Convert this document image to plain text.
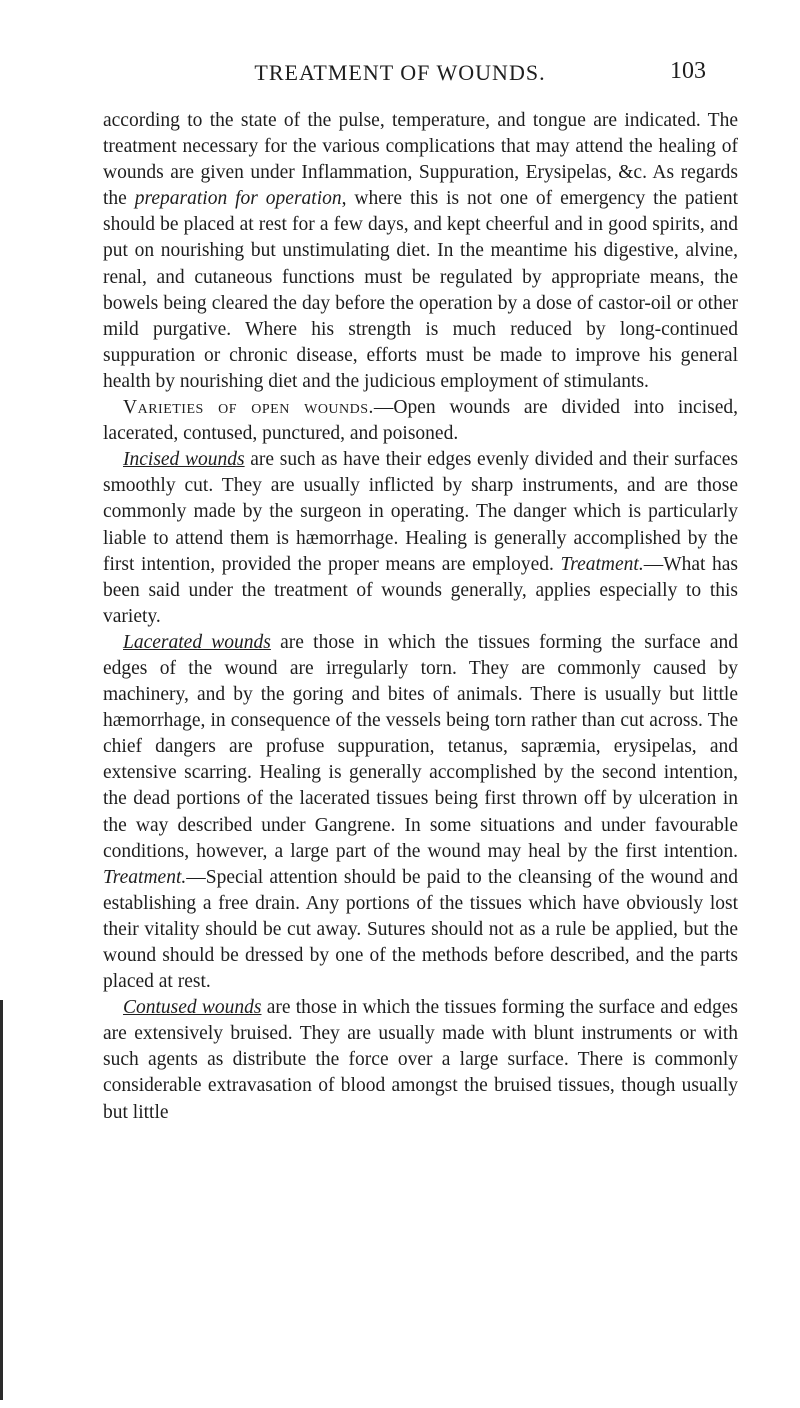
TREATMENT OF WOUNDS.	103

according to the state of the pulse, temperature, and tongue are indicated. The treatment necessary for the various complications that may attend the healing of wounds are given under Inflammation, Suppuration, Erysipelas, &c. As regards the preparation for operation, where this is not one of emergency the patient should be placed at rest for a few days, and kept cheerful and in good spirits, and put on nourishing but unstimulating diet. In the meantime his digestive, alvine, renal, and cutaneous functions must be regulated by appropriate means, the bowels being cleared the day before the operation by a dose of castor-oil or other mild purgative. Where his strength is much reduced by long-continued suppuration or chronic disease, efforts must be made to improve his general health by nourishing diet and the judicious employment of stimulants.

Varieties of open wounds.—Open wounds are divided into incised, lacerated, contused, punctured, and poisoned.

Incised wounds are such as have their edges evenly divided and their surfaces smoothly cut. They are usually inflicted by sharp instruments, and are those commonly made by the surgeon in operating. The danger which is particularly liable to attend them is hæmorrhage. Healing is generally accomplished by the first intention, provided the proper means are employed. Treatment.—What has been said under the treatment of wounds generally, applies especially to this variety.

Lacerated wounds are those in which the tissues forming the surface and edges of the wound are irregularly torn. They are commonly caused by machinery, and by the goring and bites of animals. There is usually but little hæmorrhage, in consequence of the vessels being torn rather than cut across. The chief dangers are profuse suppuration, tetanus, sapræmia, erysipelas, and extensive scarring. Healing is generally accomplished by the second intention, the dead portions of the lacerated tissues being first thrown off by ulceration in the way described under Gangrene. In some situations and under favourable conditions, however, a large part of the wound may heal by the first intention. Treatment.—Special attention should be paid to the cleansing of the wound and establishing a free drain. Any portions of the tissues which have obviously lost their vitality should be cut away. Sutures should not as a rule be applied, but the wound should be dressed by one of the methods before described, and the parts placed at rest.

Contused wounds are those in which the tissues forming the surface and edges are extensively bruised. They are usually made with blunt instruments or with such agents as distribute the force over a large surface. There is commonly considerable extravasation of blood amongst the bruised tissues, though usually but little
